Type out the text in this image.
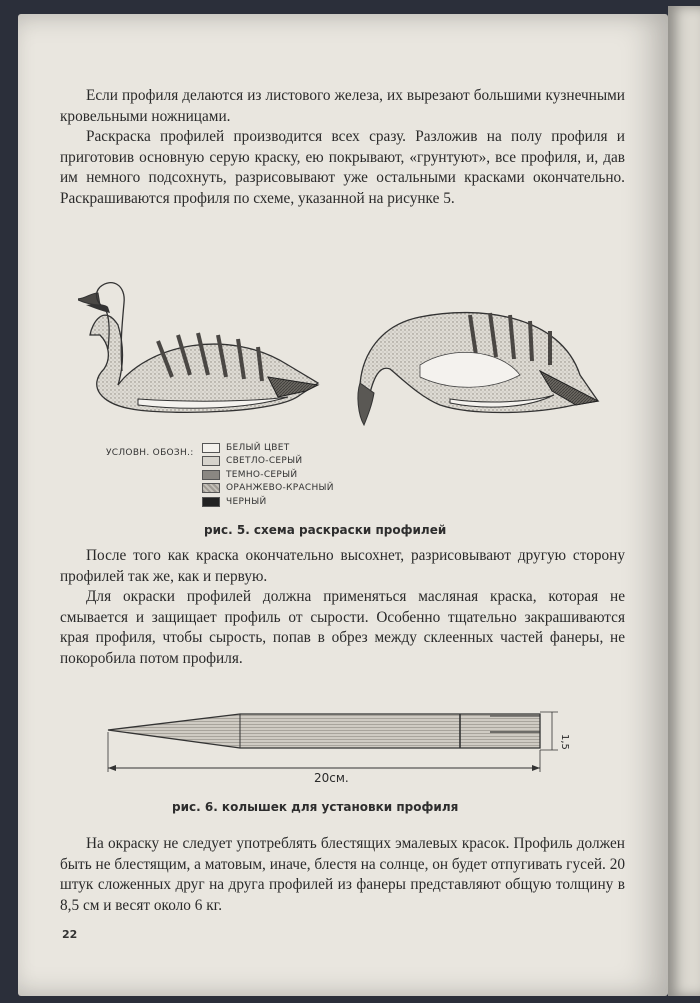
Если профиля делаются из листового железа, их вырезают большими кузнечными кровельными ножницами.

Раскраска профилей производится всех сразу. Разложив на полу профиля и приготовив основную серую краску, ею покрывают, «грунтуют», все профиля, и, дав им немного подсохнуть, разрисовывают уже остальными красками окончательно. Раскрашиваются профиля по схеме, указанной на рисунке 5.

УСЛОВН. ОБОЗН.:
БЕЛЫЙ ЦВЕТ
СВЕТЛО-СЕРЫЙ
ТЕМНО-СЕРЫЙ
ОРАНЖЕВО-КРАСНЫЙ
ЧЕРНЫЙ
рис. 5. схема раскраски профилей

После того как краска окончательно высохнет, разрисовывают другую сторону профилей так же, как и первую.

Для окраски профилей должна применяться масляная краска, которая не смывается и защищает профиль от сырости. Особенно тщательно закрашиваются края профиля, чтобы сырость, попав в обрез между склеенных частей фанеры, не покоробила потом профиля.

20см.
1,5
рис. 6. колышек для установки профиля

На окраску не следует употреблять блестящих эмалевых красок. Профиль должен быть не блестящим, а матовым, иначе, блестя на солнце, он будет отпугивать гусей. 20 штук сложенных друг на друга профилей из фанеры представляют общую толщину в 8,5 см и весят около 6 кг.

22
